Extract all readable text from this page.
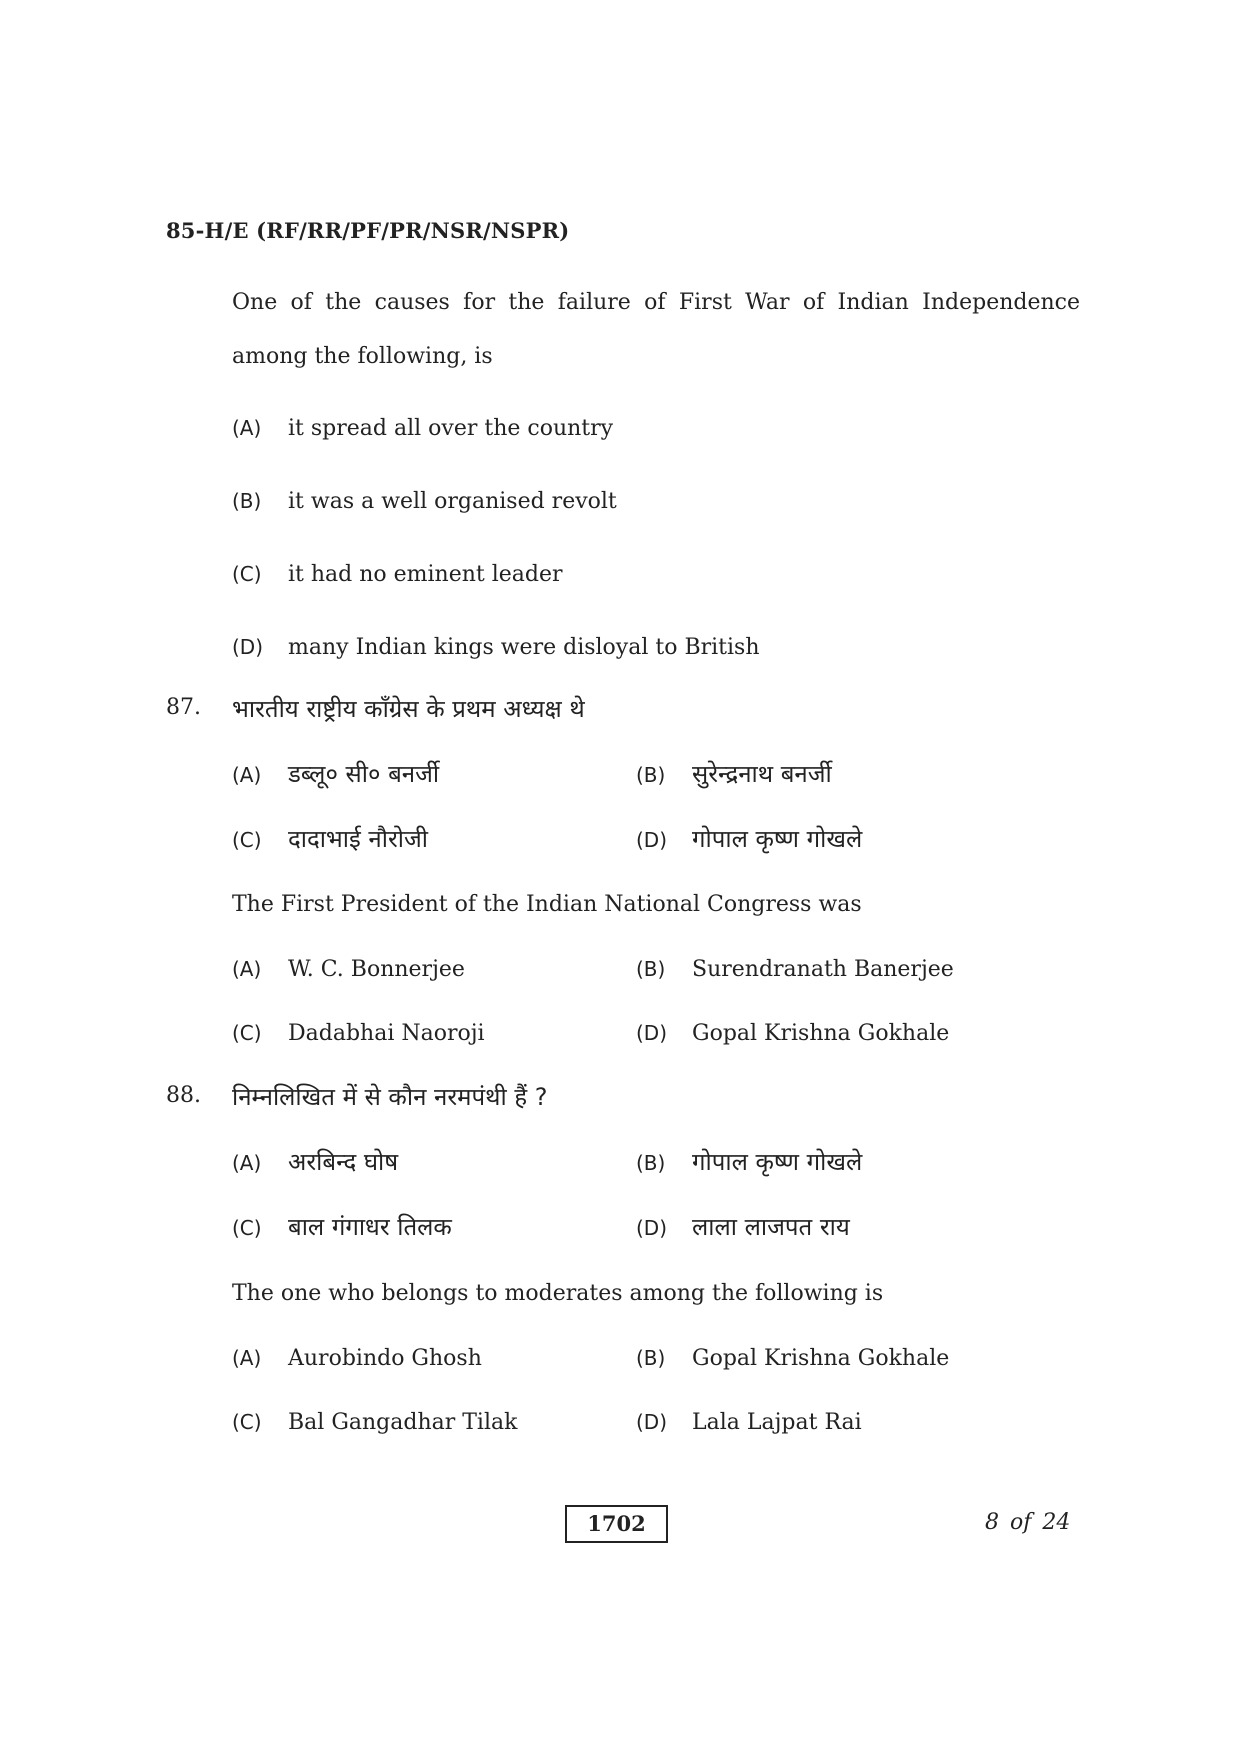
85-H/E (RF/RR/PF/PR/NSR/NSPR)
One of the causes for the failure of First War of Indian Independence among the following, is
(A) it spread all over the country
(B) it was a well organised revolt
(C) it had no eminent leader
(D) many Indian kings were disloyal to British
87. भारतीय राष्ट्रीय काँग्रेस के प्रथम अध्यक्ष थे
(A) डब्लू० सी० बनर्जी	(B) सुरेन्द्रनाथ बनर्जी
(C) दादाभाई नौरोजी	(D) गोपाल कृष्ण गोखले
The First President of the Indian National Congress was
(A) W. C. Bonnerjee	(B) Surendranath Banerjee
(C) Dadabhai Naoroji	(D) Gopal Krishna Gokhale
88. निम्नलिखित में से कौन नरमपंथी हैं ?
(A) अरबिन्द घोष	(B) गोपाल कृष्ण गोखले
(C) बाल गंगाधर तिलक	(D) लाला लाजपत राय
The one who belongs to moderates among the following is
(A) Aurobindo Ghosh	(B) Gopal Krishna Gokhale
(C) Bal Gangadhar Tilak	(D) Lala Lajpat Rai
1702	8 of 24
